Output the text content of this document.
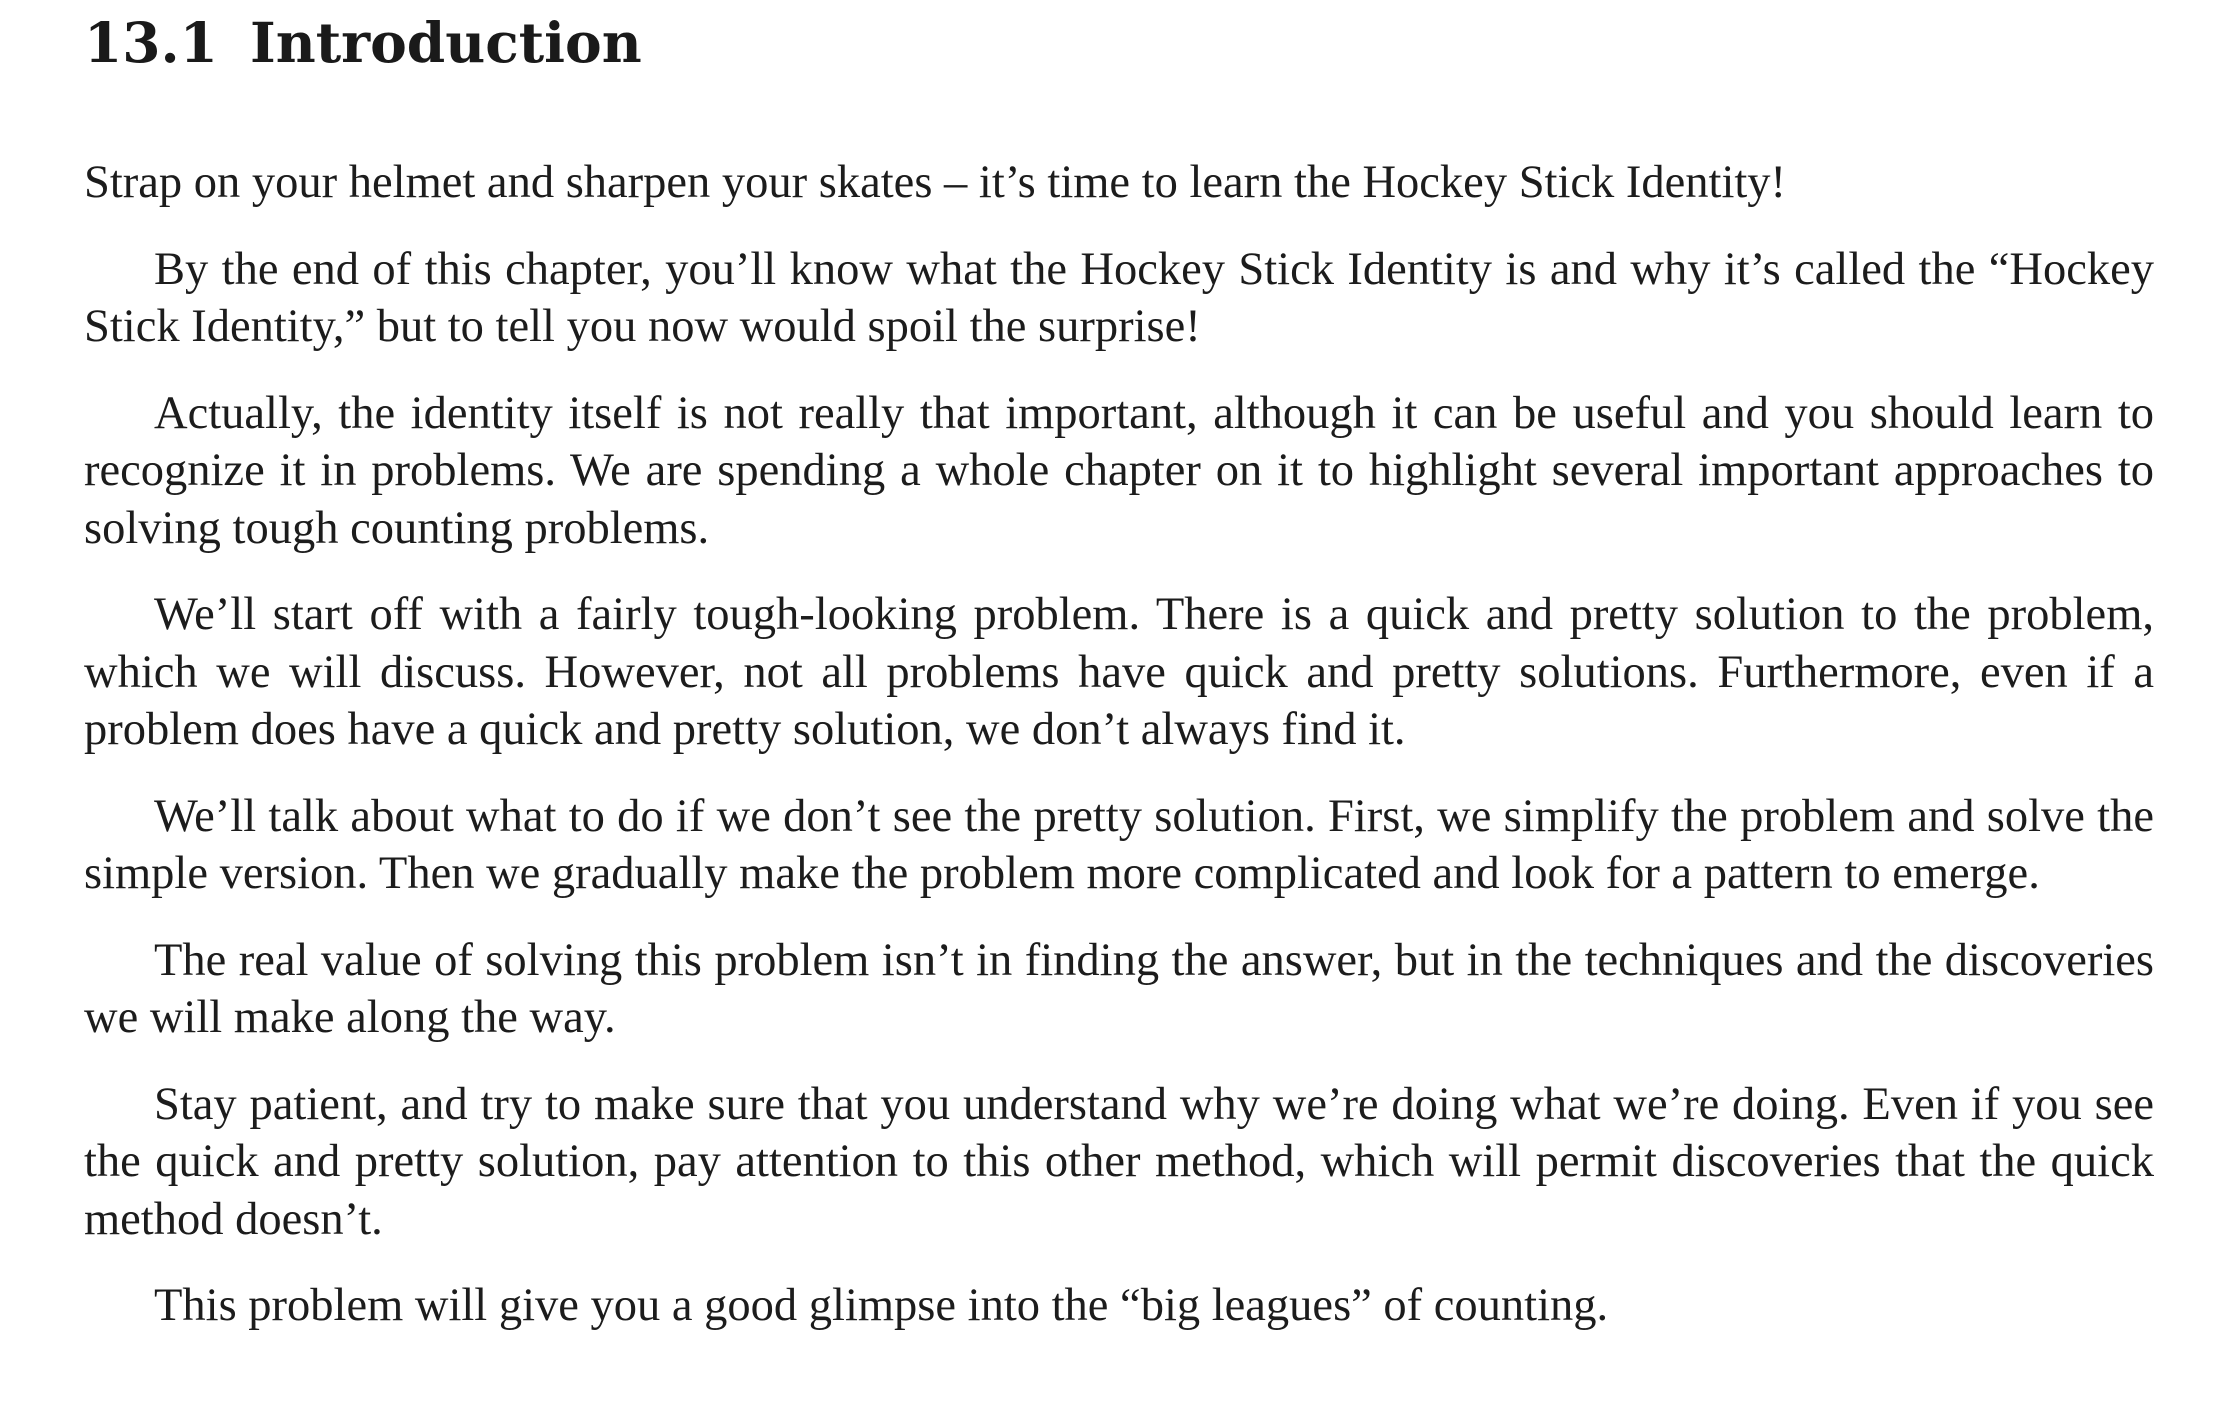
13.1 Introduction

Strap on your helmet and sharpen your skates – it’s time to learn the Hockey Stick Identity!

By the end of this chapter, you’ll know what the Hockey Stick Identity is and why it’s called the “Hockey Stick Identity,” but to tell you now would spoil the surprise!

Actually, the identity itself is not really that important, although it can be useful and you should learn to recognize it in problems. We are spending a whole chapter on it to highlight several important approaches to solving tough counting problems.

We’ll start off with a fairly tough-looking problem. There is a quick and pretty solution to the problem, which we will discuss. However, not all problems have quick and pretty solutions. Furthermore, even if a problem does have a quick and pretty solution, we don’t always find it.

We’ll talk about what to do if we don’t see the pretty solution. First, we simplify the problem and solve the simple version. Then we gradually make the problem more complicated and look for a pattern to emerge.

The real value of solving this problem isn’t in finding the answer, but in the techniques and the discoveries we will make along the way.

Stay patient, and try to make sure that you understand why we’re doing what we’re doing. Even if you see the quick and pretty solution, pay attention to this other method, which will permit discoveries that the quick method doesn’t.

This problem will give you a good glimpse into the “big leagues” of counting.
